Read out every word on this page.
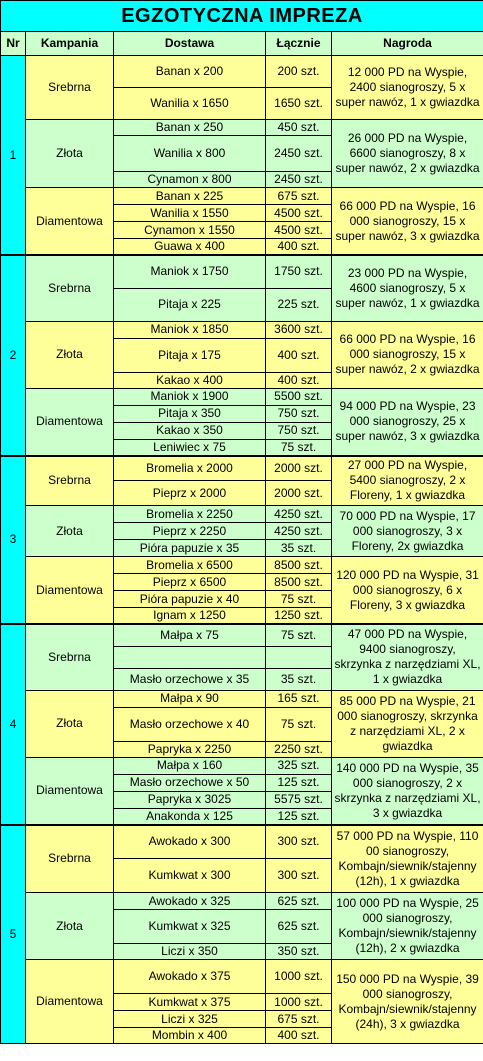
EGZOTYCZNA IMPREZA				
Nr	Kampania	Dostawa	Łącznie	Nagroda
1	Srebrna	Banan x 200	200 szt.	12 000 PD na Wyspie, 2400 sianogroszy, 5 x super nawóz, 1 x gwiazdka
		Wanilia x 1650	1650 szt.	
	Złota	Banan x 250	450 szt.	26 000 PD na Wyspie, 6600 sianogroszy, 8 x super nawóz, 2 x gwiazdka
		Wanilia x 800	2450 szt.	
		Cynamon x 800	2450 szt.	
	Diamentowa	Banan x 225	675 szt.	66 000 PD na Wyspie, 16 000 sianogroszy, 15 x super nawóz, 3 x gwiazdka
		Wanilia x 1550	4500 szt.	
		Cynamon x 1550	4500 szt.	
		Guawa x 400	400 szt.	
2	Srebrna	Maniok x 1750	1750 szt.	23 000 PD na Wyspie, 4600 sianogroszy, 5 x super nawóz, 1 x gwiazdka
		Pitaja x 225	225 szt.	
	Złota	Maniok x 1850	3600 szt.	66 000 PD na Wyspie, 16 000 sianogroszy, 15 x super nawóz, 2 x gwiazdka
		Pitaja x 175	400 szt.	
		Kakao x 400	400 szt.	
	Diamentowa	Maniok x 1900	5500 szt.	94 000 PD na Wyspie, 23 000 sianogroszy, 25 x super nawóz, 3 x gwiazdka
		Pitaja x 350	750 szt.	
		Kakao x 350	750 szt.	
		Leniwiec x 75	75 szt.	
3	Srebrna	Bromelia x 2000	2000 szt.	27 000 PD na Wyspie, 5400 sianogroszy, 2 x Floreny, 1 x gwiazdka
		Pieprz x 2000	2000 szt.	
	Złota	Bromelia x 2250	4250 szt.	70 000 PD na Wyspie, 17 000 sianogroszy, 3 x Floreny, 2x gwiazdka
		Pieprz x 2250	4250 szt.	
		Pióra papuzie x 35	35 szt.	
	Diamentowa	Bromelia x 6500	8500 szt.	120 000 PD na Wyspie, 31 000 sianogroszy, 6 x Floreny, 3 x gwiazdka
		Pieprz x 6500	8500 szt.	
		Pióra papuzie x 40	75 szt.	
		Ignam x 1250	1250 szt.	
4	Srebrna	Małpa x 75	75 szt.	47 000 PD na Wyspie, 9400 sianogroszy, skrzynka z narzędziami XL, 1 x gwiazdka

		Masło orzechowe x 35	35 szt.	
	Złota	Małpa x 90	165 szt.	85 000 PD na Wyspie, 21 000 sianogroszy, skrzynka z narzędziami XL, 2 x gwiazdka
		Masło orzechowe x 40	75 szt.	
		Papryka x 2250	2250 szt.	
	Diamentowa	Małpa x 160	325 szt.	140 000 PD na Wyspie, 35 000 sianogroszy, 2 x skrzynka z narzędziami XL, 3 x gwiazdka
		Masło orzechowe x 50	125 szt.	
		Papryka x 3025	5575 szt.	
		Anakonda x 125	125 szt.	
5	Srebrna	Awokado x 300	300 szt.	57 000 PD na Wyspie, 110 00 sianogroszy, Kombajn/siewnik/stajenny (12h), 1 x gwiazdka
		Kumkwat x 300	300 szt.	
	Złota	Awokado x 325	625 szt.	100 000 PD na Wyspie, 25 000 sianogroszy, Kombajn/siewnik/stajenny (12h), 2 x gwiazdka
		Kumkwat x 325	625 szt.	
		Liczi x 350	350 szt.	
	Diamentowa	Awokado x 375	1000 szt.	150 000 PD na Wyspie, 39 000 sianogroszy, Kombajn/siewnik/stajenny (24h), 3 x gwiazdka
		Kumkwat x 375	1000 szt.	
		Liczi x 325	675 szt.	
		Mombin x 400	400 szt.	
